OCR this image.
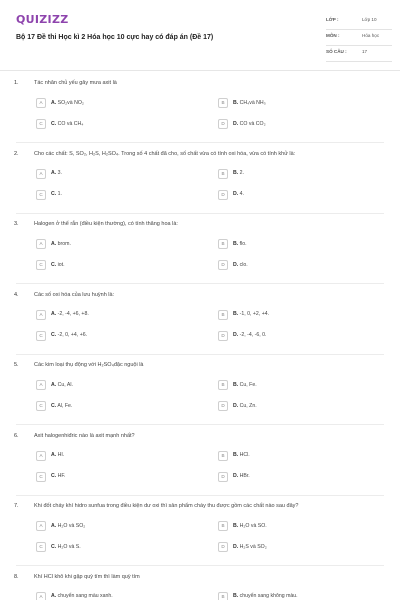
QUIZIZZ
Bộ 17 Đề thi Học kì 2 Hóa học 10 cực hay có đáp án (Đề 17)
LỚP :	Lớp 10
MÔN :	Hóa học
SỐ CÂU :	17
1.	Tác nhân chủ yếu gây mưa axit là
A	A. SO₂và NO₂	B	B. CH₄và NH₃
C	C. CO và CH₄	D	D. CO và CO₂
2.	Cho các chất: S, SO₂, H₂S, H₂SO₄. Trong số 4 chất đã cho, số chất vừa có tính oxi hóa, vừa có tính khử là:
A	A. 3.	B	B. 2.
C	C. 1.	D	D. 4.
3.	Halogen ở thể rắn (điều kiện thường), có tính thăng hoa là:
A	A. brom.	B	B. flo.
C	C. iot.	D	D. clo.
4.	Các số oxi hóa của lưu huỳnh là:
A	A. -2, -4, +6, +8.	B	B. -1, 0, +2, +4.
C	C. -2, 0, +4, +6.	D	D. -2, -4, -6, 0.
5.	Các kim loại thụ động với H₂SO₄đặc nguội là
A	A. Cu, Al.	B	B. Cu, Fe.
C	C. Al, Fe.	D	D. Cu, Zn.
6.	Axit halogenhiđric nào là axit mạnh nhất?
A	A. HI.	B	B. HCl.
C	C. HF.	D	D. HBr.
7.	Khi đốt cháy khí hidro sunfua trong điều kiện dư oxi thì sản phẩm cháy thu được gồm các chất nào sau đây?
A	A. H₂O và SO₂	B	B. H₂O và SO.
C	C. H₂O và S.	D	D. H₂S và SO₂
8.	Khí HCl khô khi gặp quỳ tím thì làm quỳ tím
A	A. chuyển sang màu xanh.	B	B. chuyển sang không màu.
